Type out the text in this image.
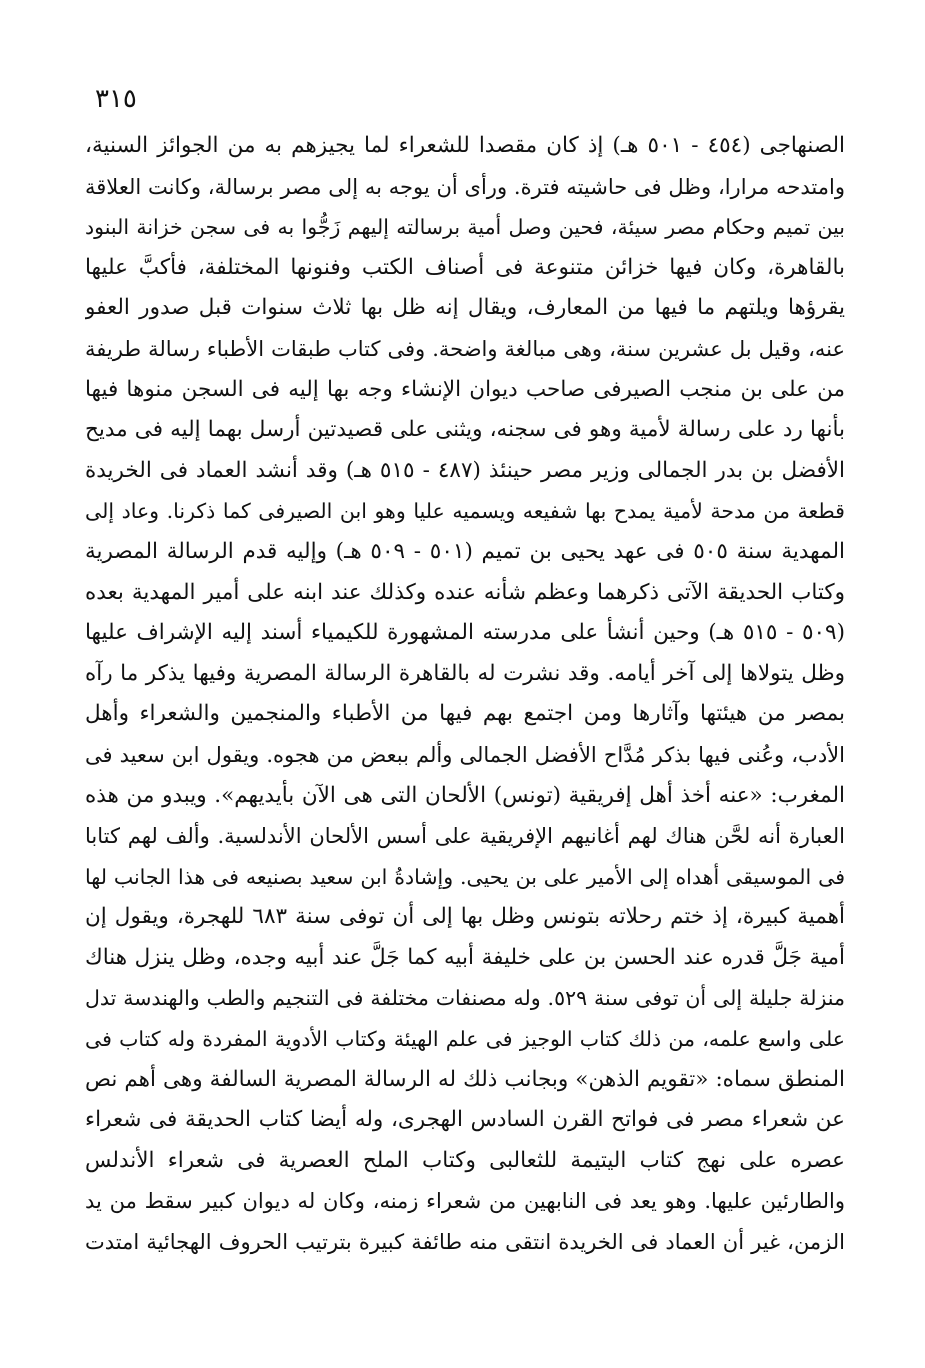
٣١٥
الصنهاجى (٤٥٤ - ٥٠١ هـ) إذ كان مقصدا للشعراء لما يجيزهم به من الجوائز السنية،
وامتدحه مرارا، وظل فى حاشيته فترة. ورأى أن يوجه به إلى مصر برسالة، وكانت العلاقة
بين تميم وحكام مصر سيئة، فحين وصل أمية برسالته إليهم زَجُّوا به فى سجن خزانة البنود
بالقاهرة، وكان فيها خزائن متنوعة فى أصناف الكتب وفنونها المختلفة، فأكبَّ عليها
يقرؤها ويلتهم ما فيها من المعارف، ويقال إنه ظل بها ثلاث سنوات قبل صدور العفو
عنه، وقيل بل عشرين سنة، وهى مبالغة واضحة. وفى كتاب طبقات الأطباء رسالة طريفة
من على بن منجب الصيرفى صاحب ديوان الإنشاء وجه بها إليه فى السجن منوها فيها
بأنها رد على رسالة لأمية وهو فى سجنه، ويثنى على قصيدتين أرسل بهما إليه فى مديح
الأفضل بن بدر الجمالى وزير مصر حينئذ (٤٨٧ - ٥١٥ هـ) وقد أنشد العماد فى الخريدة
قطعة من مدحة لأمية يمدح بها شفيعه ويسميه عليا وهو ابن الصيرفى كما ذكرنا. وعاد إلى
المهدية سنة ٥٠٥ فى عهد يحيى بن تميم (٥٠١ - ٥٠٩ هـ) وإليه قدم الرسالة المصرية
وكتاب الحديقة الآتى ذكرهما وعظم شأنه عنده وكذلك عند ابنه على أمير المهدية بعده
(٥٠٩ - ٥١٥ هـ) وحين أنشأ على مدرسته المشهورة للكيمياء أسند إليه الإشراف عليها
وظل يتولاها إلى آخر أيامه. وقد نشرت له بالقاهرة الرسالة المصرية وفيها يذكر ما رآه
بمصر من هيئتها وآثارها ومن اجتمع بهم فيها من الأطباء والمنجمين والشعراء وأهل
الأدب، وعُنى فيها بذكر مُدَّاح الأفضل الجمالى وألم ببعض من هجوه. ويقول ابن سعيد فى
المغرب: «عنه أخذ أهل إفريقية (تونس) الألحان التى هى الآن بأيديهم». ويبدو من هذه
العبارة أنه لحَّن هناك لهم أغانيهم الإفريقية على أسس الألحان الأندلسية. وألف لهم كتابا
فى الموسيقى أهداه إلى الأمير على بن يحيى. وإشادةُ ابن سعيد بصنيعه فى هذا الجانب لها
أهمية كبيرة، إذ ختم رحلاته بتونس وظل بها إلى أن توفى سنة ٦٨٣ للهجرة، ويقول إن
أمية جَلَّ قدره عند الحسن بن على خليفة أبيه كما جَلَّ عند أبيه وجده، وظل ينزل هناك
منزلة جليلة إلى أن توفى سنة ٥٢٩. وله مصنفات مختلفة فى التنجيم والطب والهندسة تدل
على واسع علمه، من ذلك كتاب الوجيز فى علم الهيئة وكتاب الأدوية المفردة وله كتاب فى
المنطق سماه: «تقويم الذهن» وبجانب ذلك له الرسالة المصرية السالفة وهى أهم نص
عن شعراء مصر فى فواتح القرن السادس الهجرى، وله أيضا كتاب الحديقة فى شعراء
عصره على نهج كتاب اليتيمة للثعالبى وكتاب الملح العصرية فى شعراء الأندلس
والطارئين عليها. وهو يعد فى النابهين من شعراء زمنه، وكان له ديوان كبير سقط من يد
الزمن، غير أن العماد فى الخريدة انتقى منه طائفة كبيرة بترتيب الحروف الهجائية امتدت
